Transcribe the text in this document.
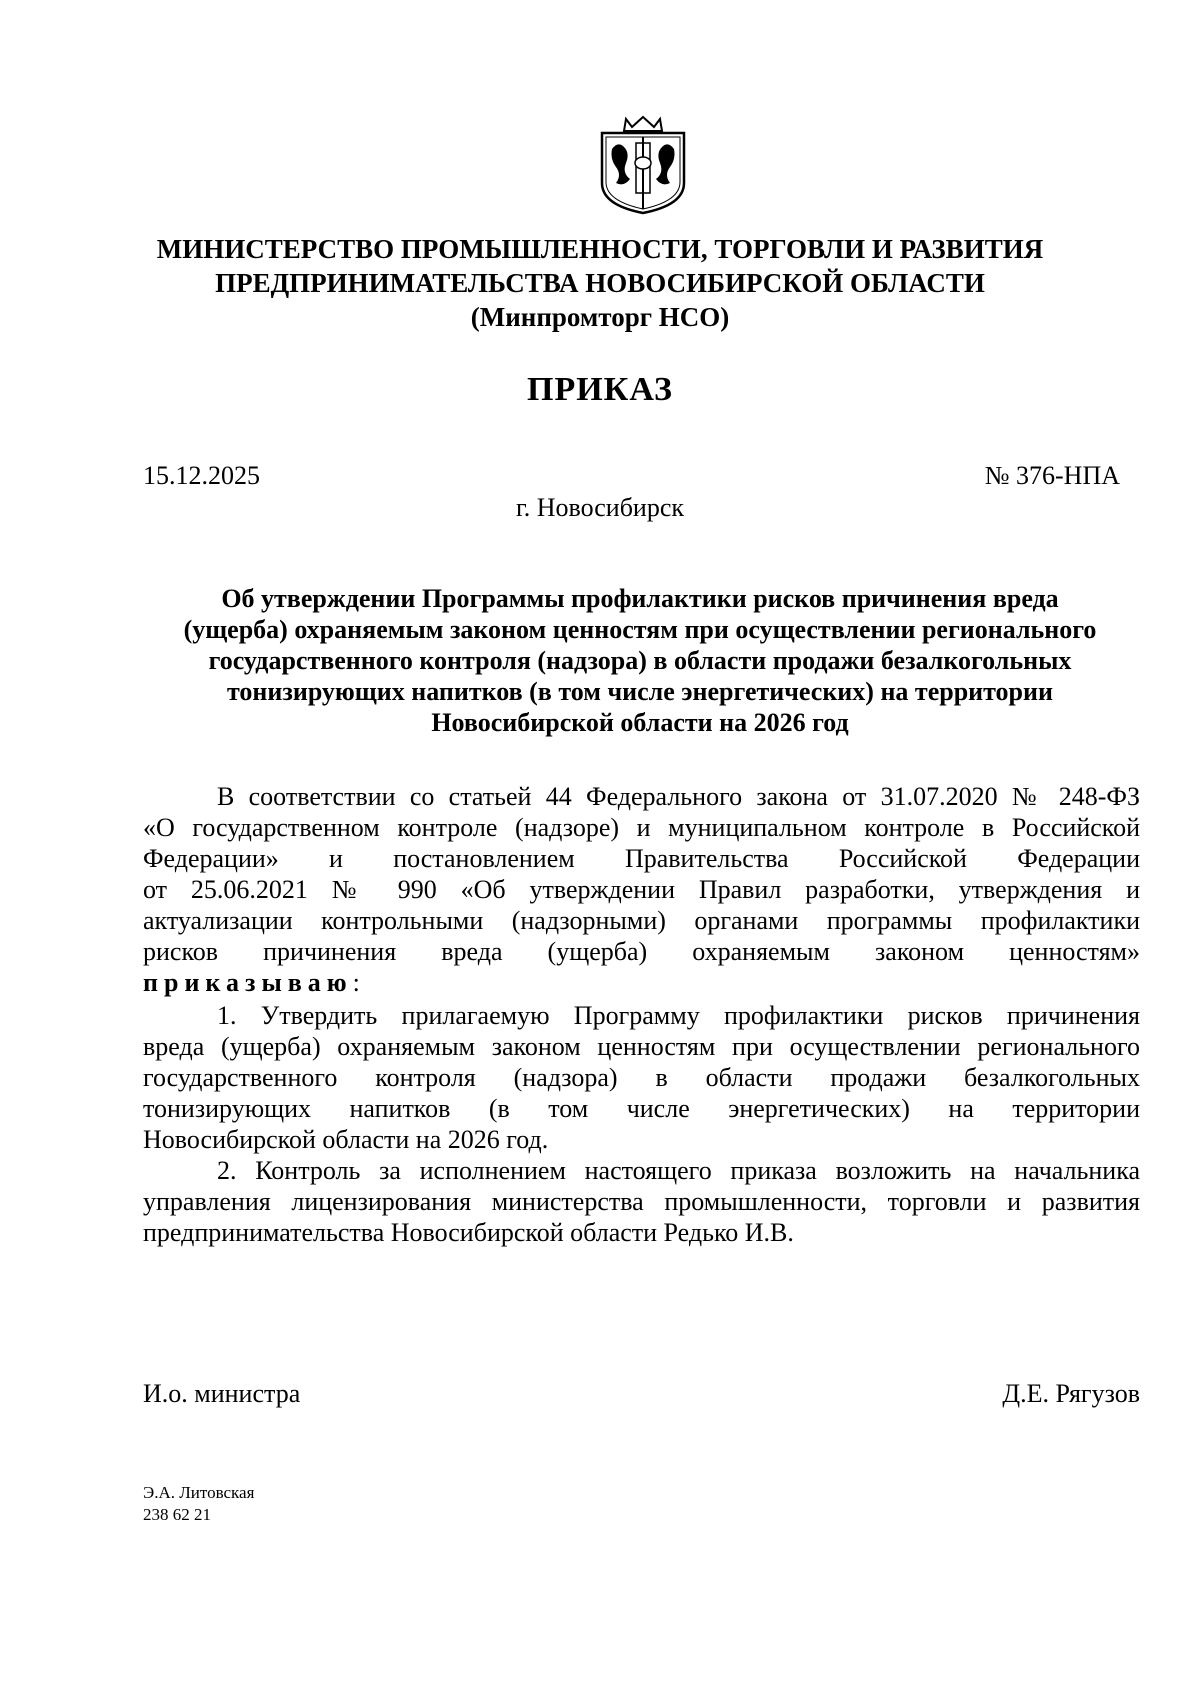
МИНИСТЕРСТВО ПРОМЫШЛЕННОСТИ, ТОРГОВЛИ И РАЗВИТИЯ
ПРЕДПРИНИМАТЕЛЬСТВА НОВОСИБИРСКОЙ ОБЛАСТИ
(Минпромторг НСО)
ПРИКАЗ
15.12.2025	№ 376-НПА
г. Новосибирск
Об утверждении Программы профилактики рисков причинения вреда
(ущерба) охраняемым законом ценностям при осуществлении регионального
государственного контроля (надзора) в области продажи безалкогольных
тонизирующих напитков (в том числе энергетических) на территории
Новосибирской области на 2026 год
В соответствии со статьей 44 Федерального закона от 31.07.2020 № 248-ФЗ
«О государственном контроле (надзоре) и муниципальном контроле в Российской
Федерации» и постановлением Правительства Российской Федерации
от 25.06.2021 № 990 «Об утверждении Правил разработки, утверждения и
актуализации контрольными (надзорными) органами программы профилактики
рисков причинения вреда (ущерба) охраняемым законом ценностям»
приказываю:
1. Утвердить прилагаемую Программу профилактики рисков причинения
вреда (ущерба) охраняемым законом ценностям при осуществлении регионального
государственного контроля (надзора) в области продажи безалкогольных
тонизирующих напитков (в том числе энергетических) на территории
Новосибирской области на 2026 год.
2. Контроль за исполнением настоящего приказа возложить на начальника
управления лицензирования министерства промышленности, торговли и развития
предпринимательства Новосибирской области Редько И.В.
И.о. министра	Д.Е. Рягузов
Э.А. Литовская
238 62 21
